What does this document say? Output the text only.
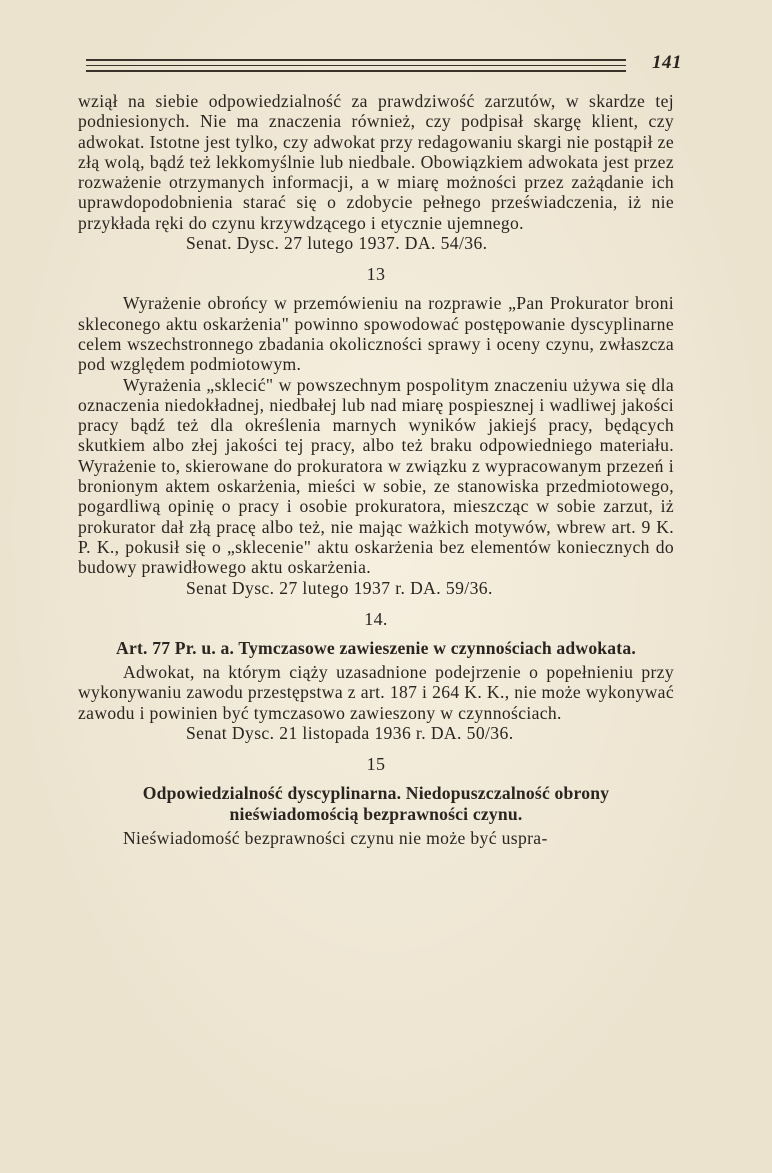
141

wziął na siebie odpowiedzialność za prawdziwość zarzutów, w skardze tej podniesionych. Nie ma znaczenia również, czy podpisał skargę klient, czy adwokat. Istotne jest tylko, czy adwokat przy redagowaniu skargi nie postąpił ze złą wolą, bądź też lekkomyślnie lub niedbale. Obowiązkiem adwokata jest przez rozważenie otrzymanych informacji, a w miarę możności przez zażądanie ich uprawdopodobnienia starać się o zdobycie pełnego przeświadczenia, iż nie przykłada ręki do czynu krzywdzącego i etycznie ujemnego.

Senat. Dysc. 27 lutego 1937. DA. 54/36.

13

Wyrażenie obrońcy w przemówieniu na rozprawie „Pan Prokurator broni skleconego aktu oskarżenia" powinno spowodować postępowanie dyscyplinarne celem wszechstronnego zbadania okoliczności sprawy i oceny czynu, zwłaszcza pod względem podmiotowym.

Wyrażenia „sklecić" w powszechnym pospolitym znaczeniu używa się dla oznaczenia niedokładnej, niedbałej lub nad miarę pospiesznej i wadliwej jakości pracy bądź też dla określenia marnych wyników jakiejś pracy, będących skutkiem albo złej jakości tej pracy, albo też braku odpowiedniego materiału. Wyrażenie to, skierowane do prokuratora w związku z wypracowanym przezeń i bronionym aktem oskarżenia, mieści w sobie, ze stanowiska przedmiotowego, pogardliwą opinię o pracy i osobie prokuratora, mieszcząc w sobie zarzut, iż prokurator dał złą pracę albo też, nie mając ważkich motywów, wbrew art. 9 K. P. K., pokusił się o „sklecenie" aktu oskarżenia bez elementów koniecznych do budowy prawidłowego aktu oskarżenia.

Senat Dysc. 27 lutego 1937 r. DA. 59/36.

14.
Art. 77 Pr. u. a. Tymczasowe zawieszenie w czynnościach adwokata.

Adwokat, na którym ciąży uzasadnione podejrzenie o popełnieniu przy wykonywaniu zawodu przestępstwa z art. 187 i 264 K. K., nie może wykonywać zawodu i powinien być tymczasowo zawieszony w czynnościach.

Senat Dysc. 21 listopada 1936 r. DA. 50/36.

15
Odpowiedzialność dyscyplinarna. Niedopuszczalność obrony nieświadomością bezprawności czynu.

Nieświadomość bezprawności czynu nie może być uspra-
